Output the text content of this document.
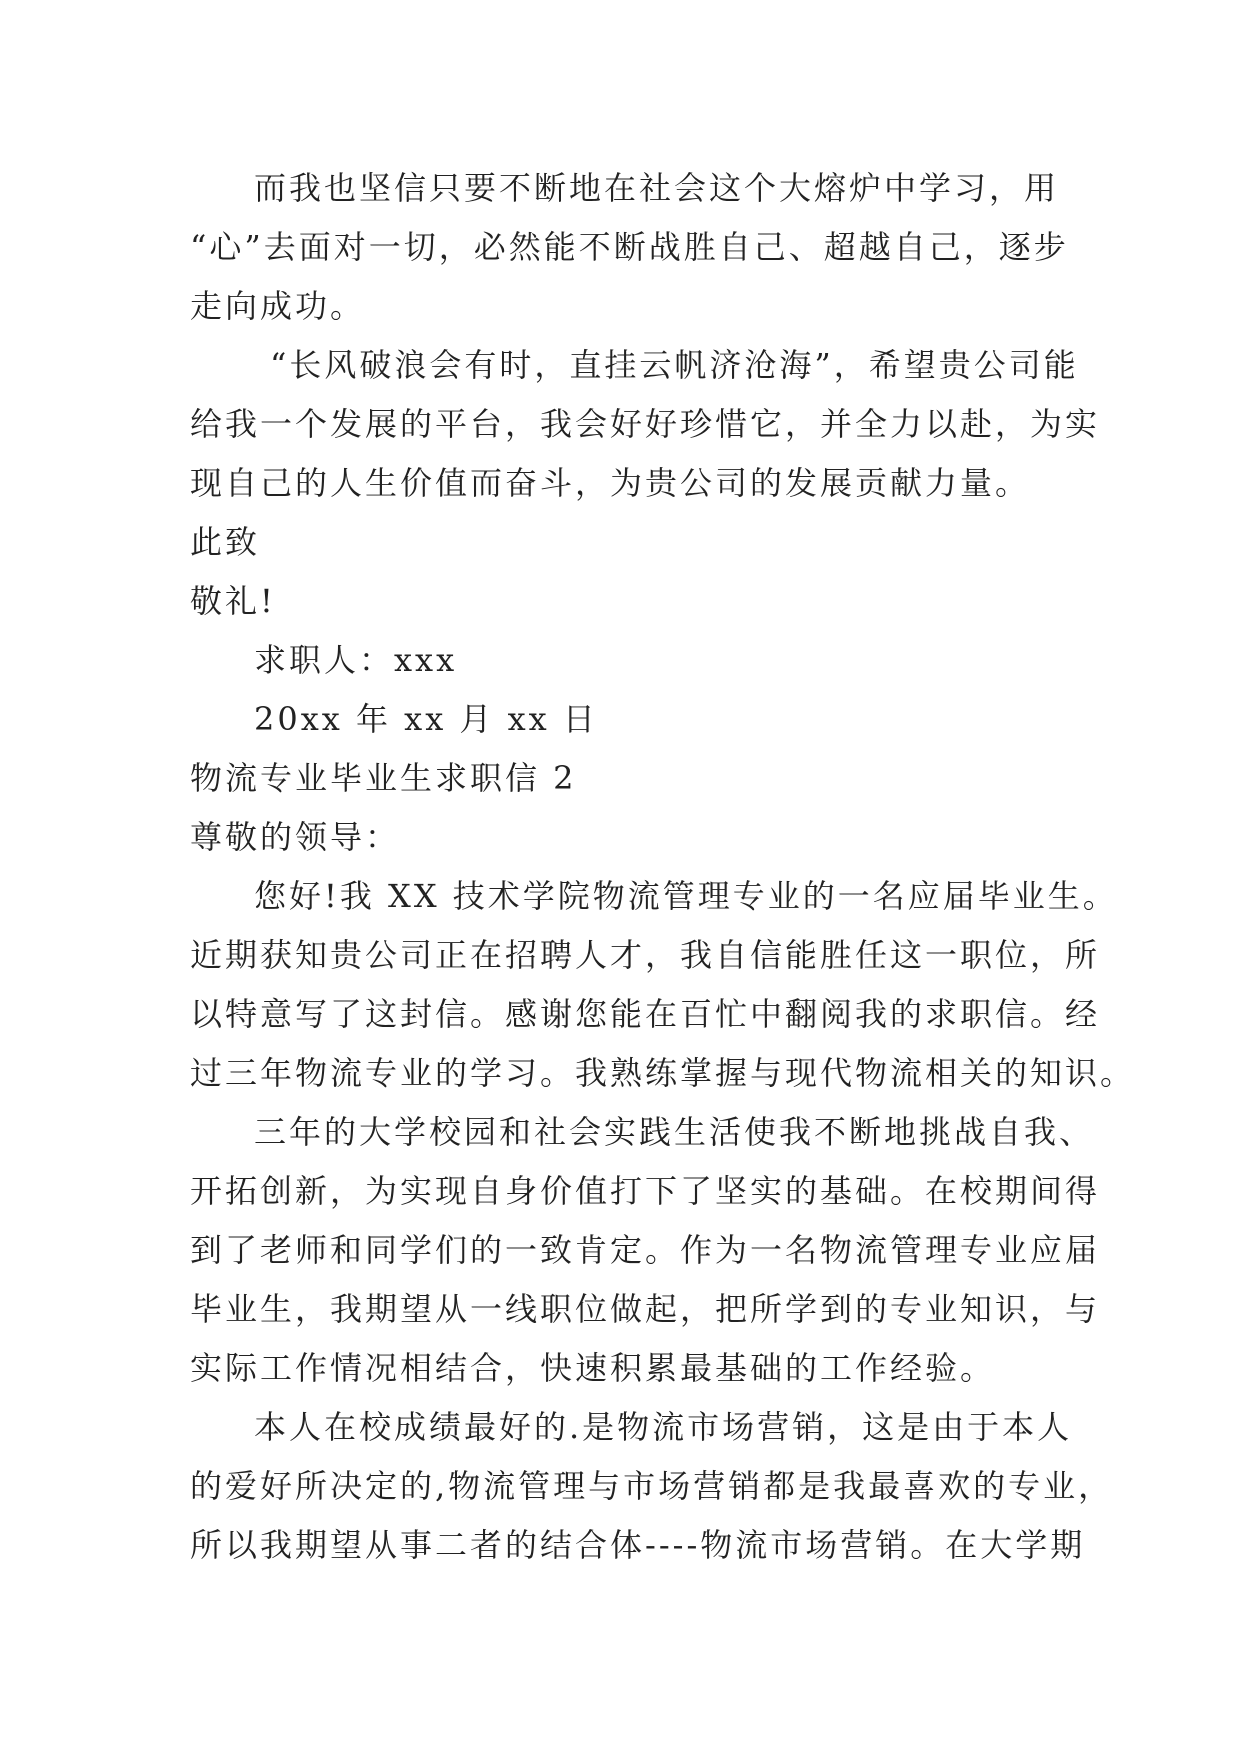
而我也坚信只要不断地在社会这个大熔炉中学习，用
“心”去面对一切，必然能不断战胜自己、超越自己，逐步
走向成功。
“长风破浪会有时，直挂云帆济沧海”，希望贵公司能
给我一个发展的平台，我会好好珍惜它，并全力以赴，为实
现自己的人生价值而奋斗，为贵公司的发展贡献力量。
此致
敬礼!
求职人：xxx
20xx 年 xx 月 xx 日
物流专业毕业生求职信 2
尊敬的领导：
您好!我 XX 技术学院物流管理专业的一名应届毕业生。
近期获知贵公司正在招聘人才，我自信能胜任这一职位，所
以特意写了这封信。感谢您能在百忙中翻阅我的求职信。经
过三年物流专业的学习。我熟练掌握与现代物流相关的知识。
三年的大学校园和社会实践生活使我不断地挑战自我、
开拓创新，为实现自身价值打下了坚实的基础。在校期间得
到了老师和同学们的一致肯定。作为一名物流管理专业应届
毕业生，我期望从一线职位做起，把所学到的专业知识，与
实际工作情况相结合，快速积累最基础的工作经验。
本人在校成绩最好的.是物流市场营销，这是由于本人
的爱好所决定的,物流管理与市场营销都是我最喜欢的专业，
所以我期望从事二者的结合体----物流市场营销。在大学期
